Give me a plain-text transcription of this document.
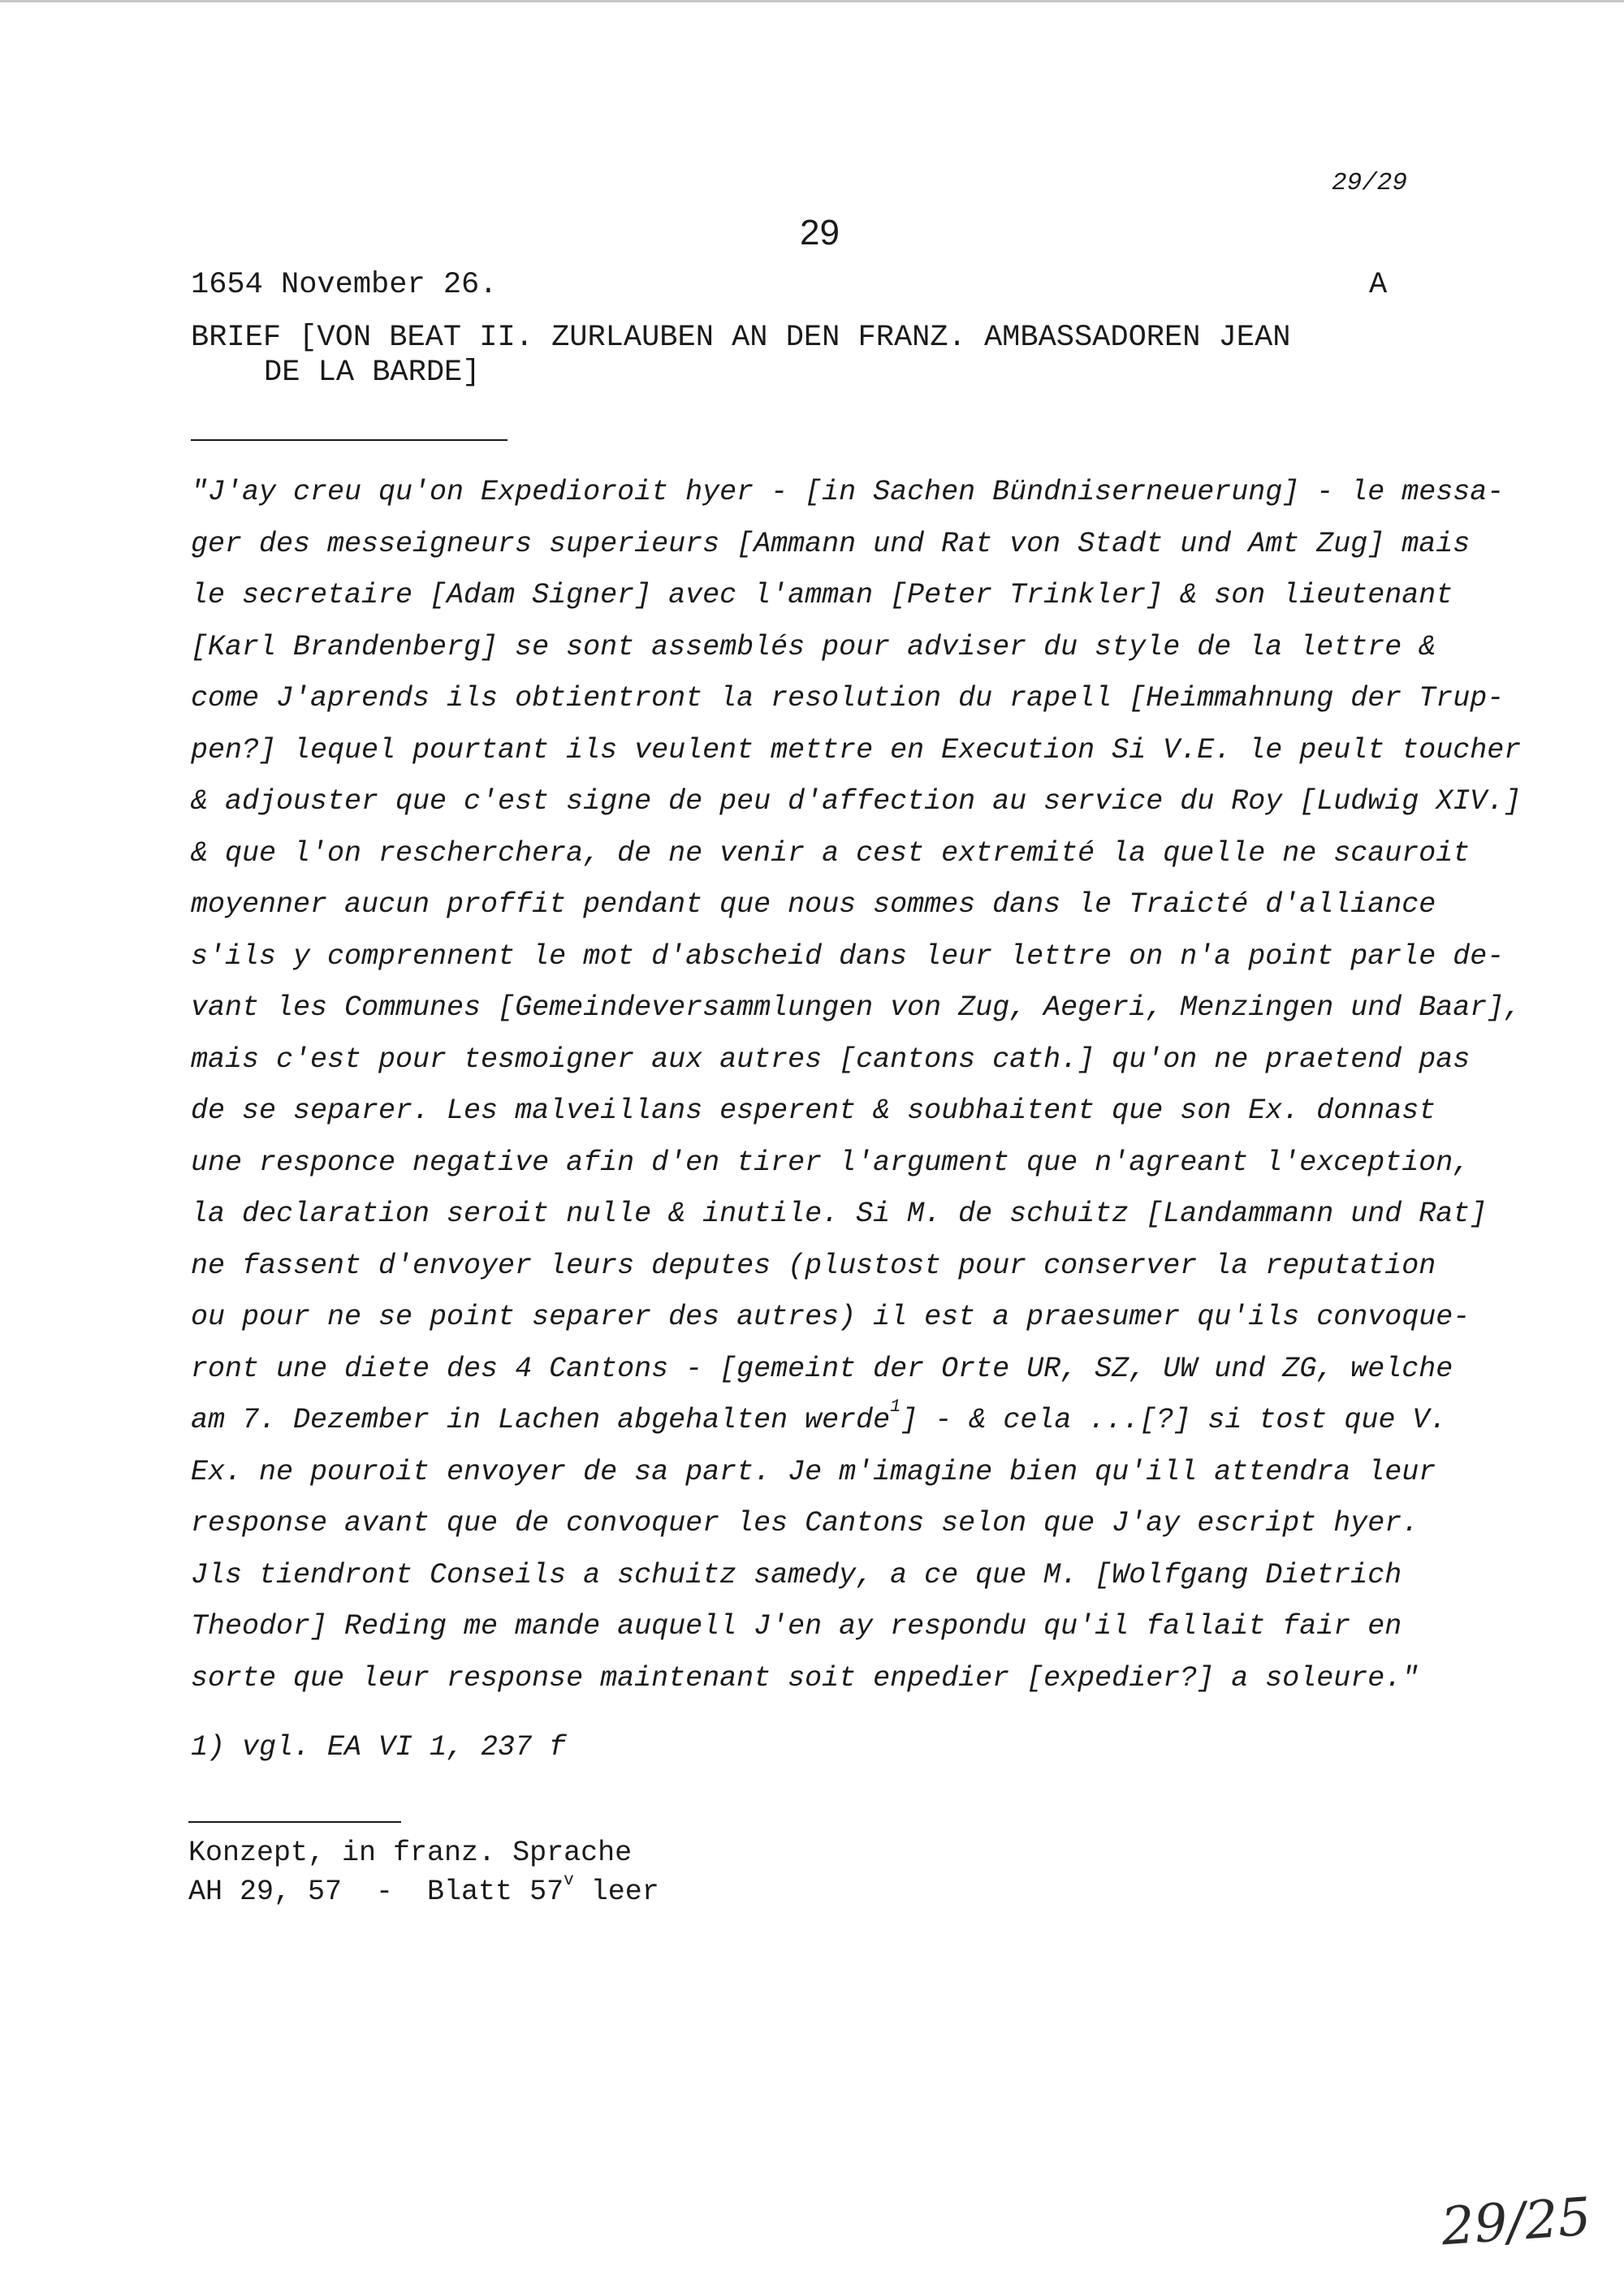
29/29
29
1654 November 26.	A
BRIEF [VON BEAT II. ZURLAUBEN AN DEN FRANZ. AMBASSADOREN JEAN
DE LA BARDE]
"J'ay creu qu'on Expedioroit hyer - [in Sachen Bündniserneuerung] - le messa-
ger des messeigneurs superieurs [Ammann und Rat von Stadt und Amt Zug] mais
le secretaire [Adam Signer] avec l'amman [Peter Trinkler] & son lieutenant
[Karl Brandenberg] se sont assemblés pour adviser du style de la lettre &
come J'aprends ils obtientront la resolution du rapell [Heimmahnung der Trup-
pen?] lequel pourtant ils veulent mettre en Execution Si V.E. le peult toucher
& adjouster que c'est signe de peu d'affection au service du Roy [Ludwig XIV.]
& que l'on rescherchera, de ne venir a cest extremité la quelle ne scauroit
moyenner aucun proffit pendant que nous sommes dans le Traicté d'alliance
s'ils y comprennent le mot d'abscheid dans leur lettre on n'a point parle de-
vant les Communes [Gemeindeversammlungen von Zug, Aegeri, Menzingen und Baar],
mais c'est pour tesmoigner aux autres [cantons cath.] qu'on ne praetend pas
de se separer. Les malveillans esperent & soubhaitent que son Ex. donnast
une responce negative afin d'en tirer l'argument que n'agreant l'exception,
la declaration seroit nulle & inutile. Si M. de schuitz [Landammann und Rat]
ne fassent d'envoyer leurs deputes (plustost pour conserver la reputation
ou pour ne se point separer des autres) il est a praesumer qu'ils convoque-
ront une diete des 4 Cantons - [gemeint der Orte UR, SZ, UW und ZG, welche
am 7. Dezember in Lachen abgehalten werde$^1$] - & cela ...[?] si tost que V.
Ex. ne pouroit envoyer de sa part. Je m'imagine bien qu'ill attendra leur
response avant que de convoquer les Cantons selon que J'ay escript hyer.
Jls tiendront Conseils a schuitz samedy, a ce que M. [Wolfgang Dietrich
Theodor] Reding me mande auquell J'en ay respondu qu'il fallait fair en
sorte que leur response maintenant soit enpedier [expedier?] a soleure."
1) vgl. EA VI 1, 237 f
Konzept, in franz. Sprache
AH 29, 57  -  Blatt 57$^v$ leer
29/25
